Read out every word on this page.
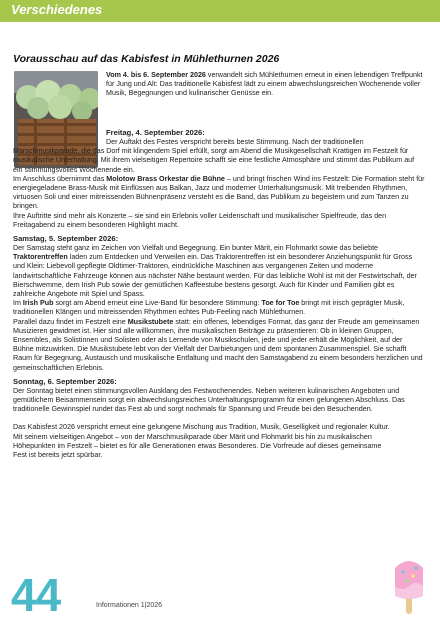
Verschiedenes
Vorausschau auf das Kabisfest in Mühlethurnen 2026

Vom 4. bis 6. September 2026 verwandelt sich Mühlethurnen erneut in einen lebendigen Treffpunkt für Jung und Alt: Das traditionelle Kabisfest lädt zu einem abwechslungsreichen Wochenende voller Musik, Begegnungen und kulinarischer Genüsse ein.

Freitag, 4. September 2026:

Der Auftakt des Festes verspricht bereits beste Stimmung. Nach der traditionellen Marschmusikparade, die das Dorf mit klingendem Spiel erfüllt, sorgt am Abend die Musikgesellschaft Krattigen im Festzelt für musikalische Unterhaltung. Mit ihrem vielseitigen Repertoire schafft sie eine festliche Atmosphäre und stimmt das Publikum auf ein stimmungsvolles Wochenende ein.

Im Anschluss übernimmt das Molotow Brass Orkestar die Bühne – und bringt frischen Wind ins Festzelt: Die Formation steht für energiegeladene Brass-Musik mit Einflüssen aus Balkan, Jazz und moderner Unterhaltungsmusik. Mit treibenden Rhythmen, virtuosen Soli und einer mitreissenden Bühnenpräsenz versteht es die Band, das Publikum zu begeistern und zum Tanzen zu bringen.

Ihre Auftritte sind mehr als Konzerte – sie sind ein Erlebnis voller Leidenschaft und musikalischer Spielfreude, das den Freitagabend zu einem besonderen Highlight macht.

Samstag, 5. September 2026:

Der Samstag steht ganz im Zeichen von Vielfalt und Begegnung. Ein bunter Märit, ein Flohmarkt sowie das beliebte Traktorentreffen laden zum Entdecken und Verweilen ein. Das Traktorentreffen ist ein besonderer Anziehungspunkt für Gross und Klein: Liebevoll gepflegte Oldtimer-Traktoren, eindrückliche Maschinen aus vergangenen Zeiten und moderne landwirtschaftliche Fahrzeuge können aus nächster Nähe bestaunt werden. Für das leibliche Wohl ist mit der Festwirtschaft, der Bierschwemme, dem Irish Pub sowie der gemütlichen Kaffeestube bestens gesorgt. Auch für Kinder und Familien gibt es zahlreiche Angebote mit Spiel und Spass.

Im Irish Pub sorgt am Abend erneut eine Live-Band für besondere Stimmung: Toe for Toe bringt mit irisch geprägter Musik, traditionellen Klängen und mitreissenden Rhythmen echtes Pub-Feeling nach Mühlethurnen.

Parallel dazu findet im Festzelt eine Musikstubete statt: ein offenes, lebendiges Format, das ganz der Freude am gemeinsamen Musizieren gewidmet ist. Hier sind alle willkommen, ihre musikalischen Beiträge zu präsentieren: Ob in kleinen Gruppen, Ensembles, als Solistinnen und Solisten oder als Lernende von Musikschulen, jede und jeder erhält die Möglichkeit, auf der Bühne mitzuwirken. Die Musikstubete lebt von der Vielfalt der Darbietungen und dem spontanen Zusammenspiel. Sie schafft Raum für Begegnung, Austausch und musikalische Entfaltung und macht den Samstagabend zu einem besonders herzlichen und gemeinschaftlichen Erlebnis.

Sonntag, 6. September 2026:

Der Sonntag bietet einen stimmungsvollen Ausklang des Festwochenendes. Neben weiteren kulinarischen Angeboten und gemütlichem Beisammensein sorgt ein abwechslungsreiches Unterhaltungsprogramm für einen gelungenen Abschluss. Das traditionelle Gewinnspiel rundet das Fest ab und sorgt nochmals für Spannung und Freude bei den Besuchenden.

Das Kabisfest 2026 verspricht erneut eine gelungene Mischung aus Tradition, Musik, Geselligkeit und regionaler Kultur. Mit seinem vielseitigen Angebot – von der Marschmusikparade über Märit und Flohmarkt bis hin zu musikalischen Höhepunkten im Festzelt – bietet es für alle Generationen etwas Besonderes. Die Vorfreude auf dieses gemeinsame Fest ist bereits jetzt spürbar.

44	Informationen 1|2026
